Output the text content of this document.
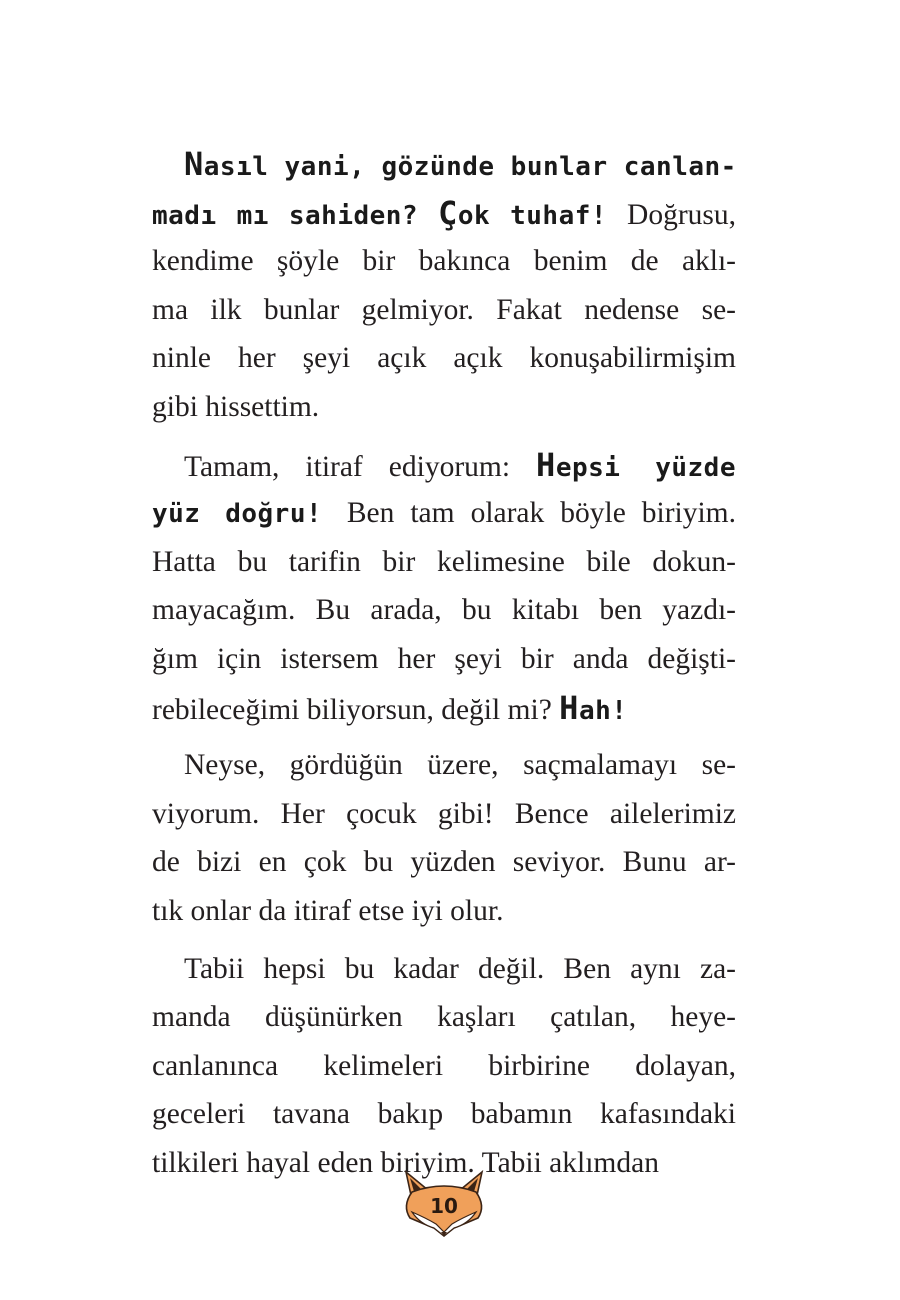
Nasıl yani, gözünde bunlar canlan-
madı mı sahiden? Çok tuhaf! Doğrusu,
kendime şöyle bir bakınca benim de aklı-
ma ilk bunlar gelmiyor. Fakat nedense se-
ninle her şeyi açık açık konuşabilirmişim
gibi hissettim.
Tamam, itiraf ediyorum: Hepsi yüzde
yüz doğru! Ben tam olarak böyle biriyim.
Hatta bu tarifin bir kelimesine bile dokun-
mayacağım. Bu arada, bu kitabı ben yazdı-
ğım için istersem her şeyi bir anda değişti-
rebileceğimi biliyorsun, değil mi? Hah!
Neyse, gördüğün üzere, saçmalamayı se-
viyorum. Her çocuk gibi! Bence ailelerimiz
de bizi en çok bu yüzden seviyor. Bunu ar-
tık onlar da itiraf etse iyi olur.
Tabii hepsi bu kadar değil. Ben aynı za-
manda düşünürken kaşları çatılan, heye-
canlanınca kelimeleri birbirine dolayan,
geceleri tavana bakıp babamın kafasındaki
tilkileri hayal eden biriyim. Tabii aklımdan
10
